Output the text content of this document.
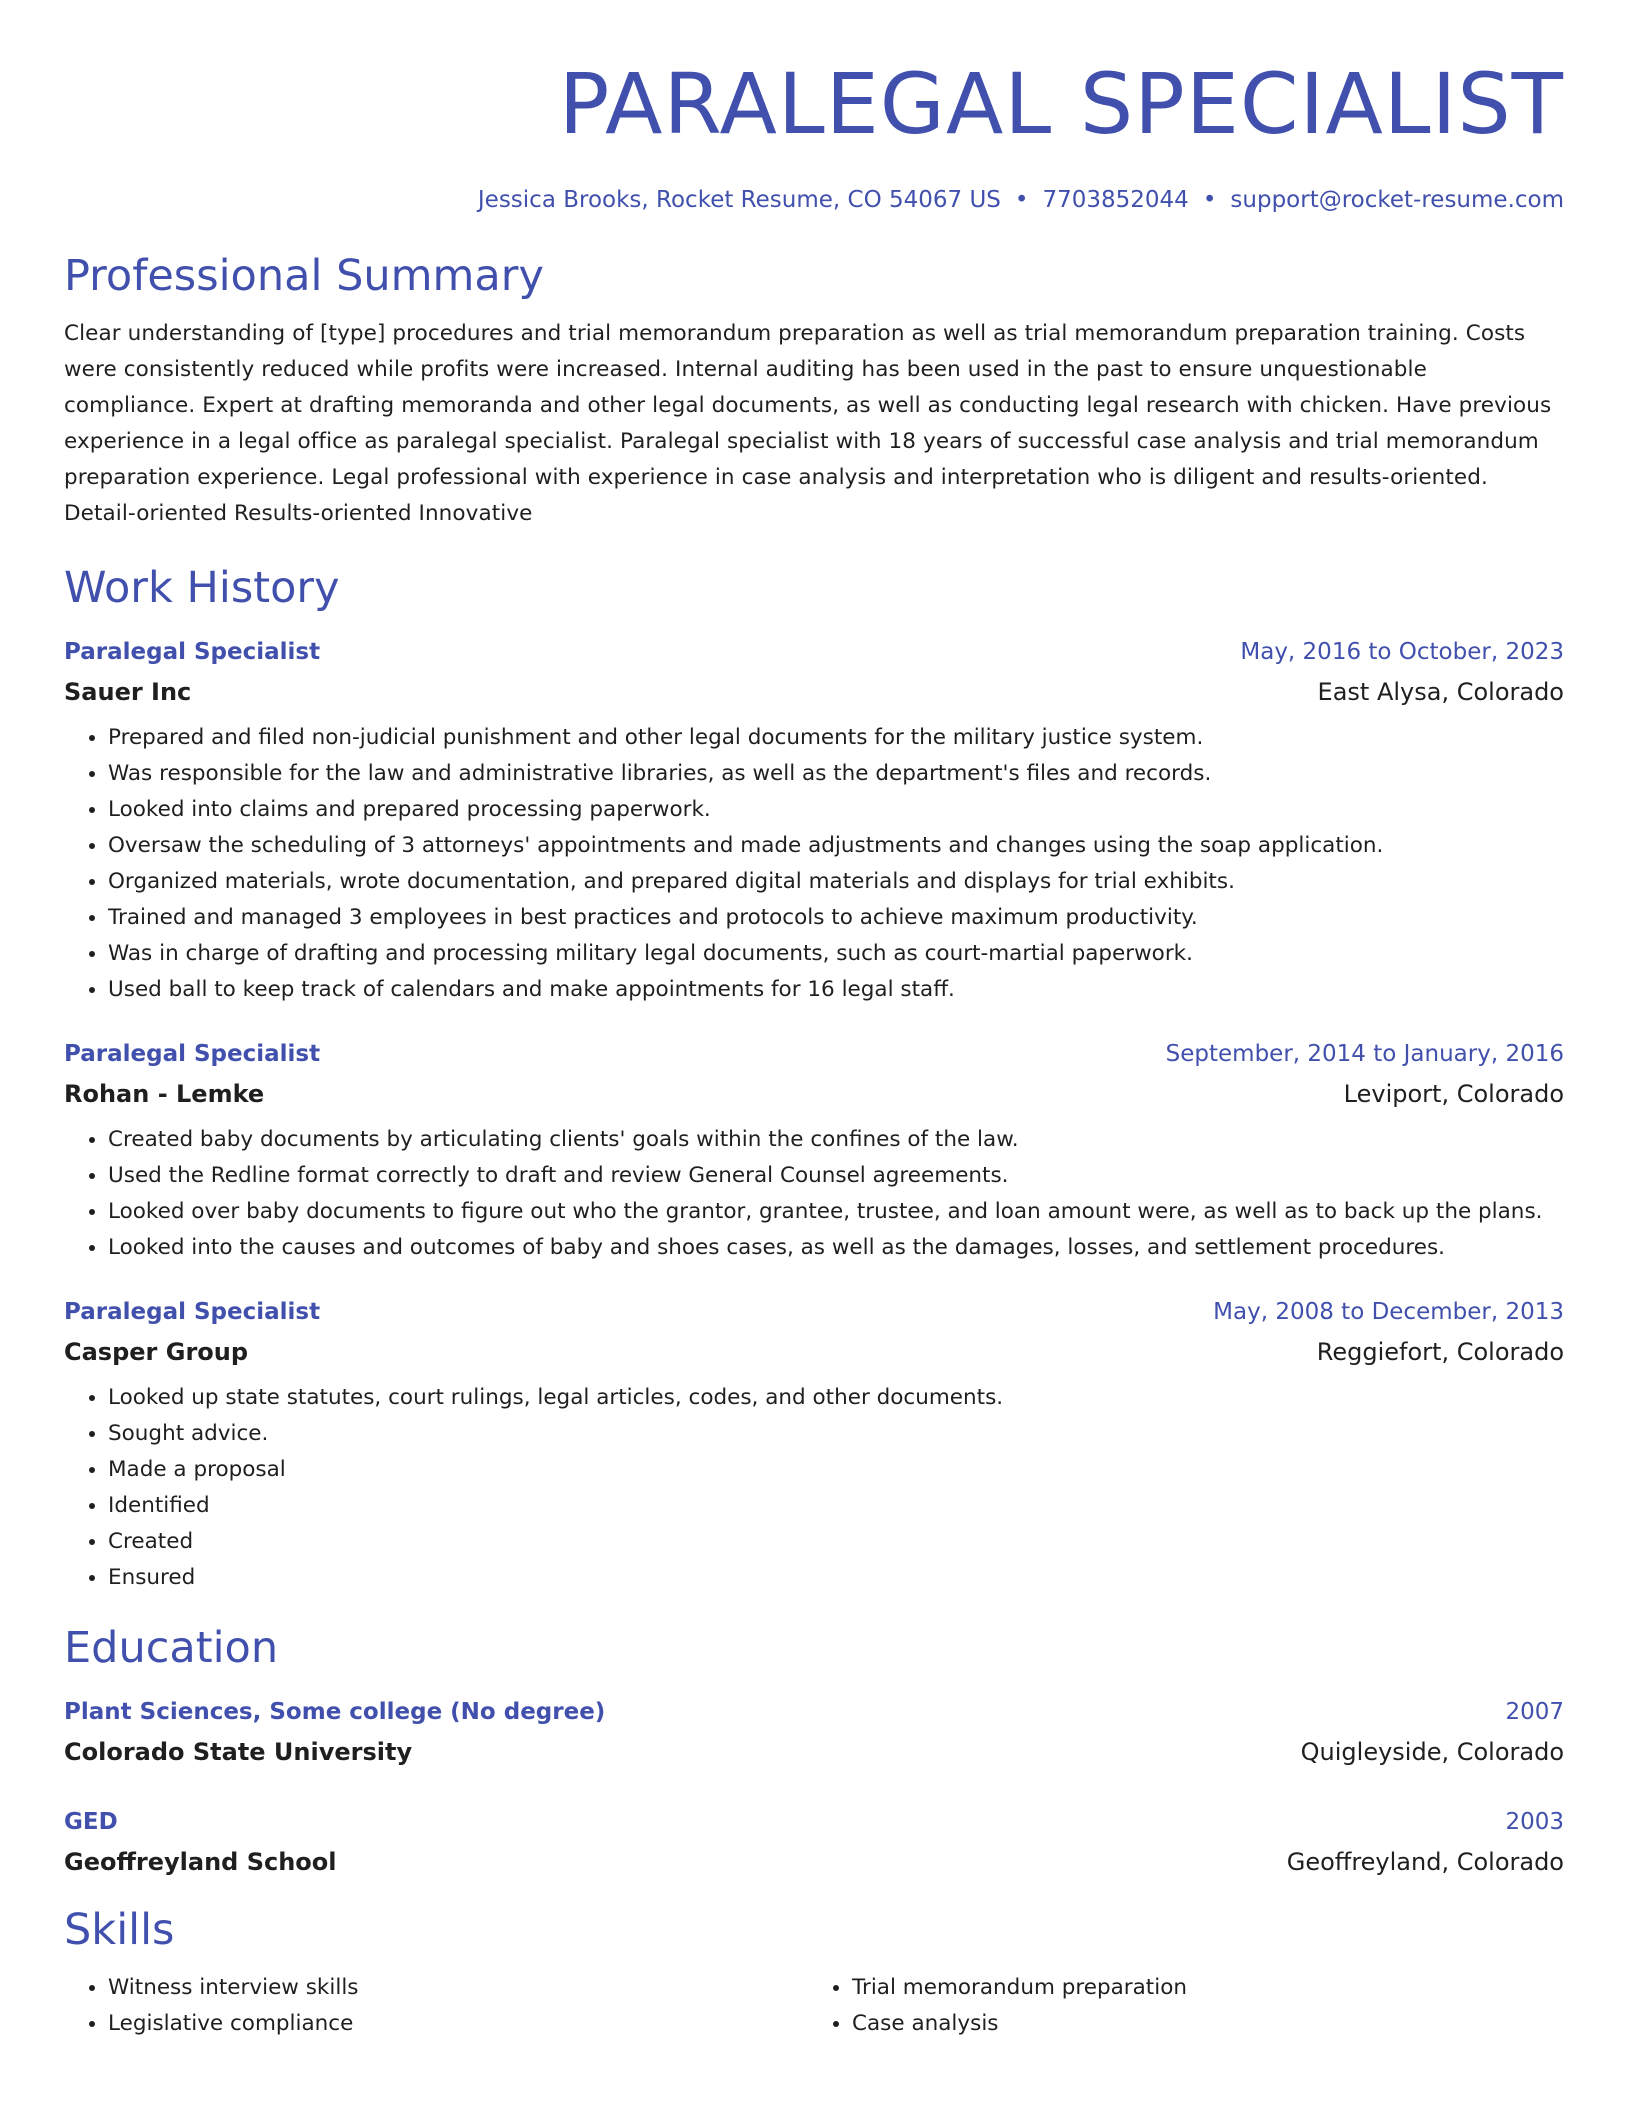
PARALEGAL SPECIALIST
Jessica Brooks, Rocket Resume, CO 54067 US • 7703852044 • support@rocket-resume.com
Professional Summary
Clear understanding of [type] procedures and trial memorandum preparation as well as trial memorandum preparation training. Costs were consistently reduced while profits were increased. Internal auditing has been used in the past to ensure unquestionable compliance. Expert at drafting memoranda and other legal documents, as well as conducting legal research with chicken. Have previous experience in a legal office as paralegal specialist. Paralegal specialist with 18 years of successful case analysis and trial memorandum preparation experience. Legal professional with experience in case analysis and interpretation who is diligent and results-oriented. Detail-oriented Results-oriented Innovative
Work History
Paralegal Specialist	May, 2016 to October, 2023
Sauer Inc	East Alysa, Colorado
• Prepared and filed non-judicial punishment and other legal documents for the military justice system.
• Was responsible for the law and administrative libraries, as well as the department's files and records.
• Looked into claims and prepared processing paperwork.
• Oversaw the scheduling of 3 attorneys' appointments and made adjustments and changes using the soap application.
• Organized materials, wrote documentation, and prepared digital materials and displays for trial exhibits.
• Trained and managed 3 employees in best practices and protocols to achieve maximum productivity.
• Was in charge of drafting and processing military legal documents, such as court-martial paperwork.
• Used ball to keep track of calendars and make appointments for 16 legal staff.
Paralegal Specialist	September, 2014 to January, 2016
Rohan - Lemke	Leviport, Colorado
• Created baby documents by articulating clients' goals within the confines of the law.
• Used the Redline format correctly to draft and review General Counsel agreements.
• Looked over baby documents to figure out who the grantor, grantee, trustee, and loan amount were, as well as to back up the plans.
• Looked into the causes and outcomes of baby and shoes cases, as well as the damages, losses, and settlement procedures.
Paralegal Specialist	May, 2008 to December, 2013
Casper Group	Reggiefort, Colorado
• Looked up state statutes, court rulings, legal articles, codes, and other documents.
• Sought advice.
• Made a proposal
• Identified
• Created
• Ensured
Education
Plant Sciences, Some college (No degree)	2007
Colorado State University	Quigleyside, Colorado
GED	2003
Geoffreyland School	Geoffreyland, Colorado
Skills
• Witness interview skills
• Legislative compliance
• Trial memorandum preparation
• Case analysis
